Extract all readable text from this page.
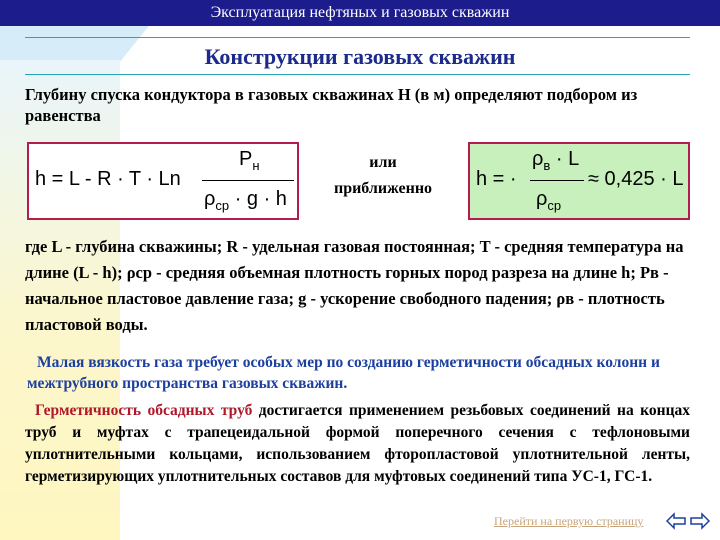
Эксплуатация нефтяных и газовых скважин
Конструкции газовых скважин
Глубину спуска кондуктора в газовых скважинах H (в м) определяют подбором из равенства
h = L - R · T · Ln
$P_н$
$\rho_{ср} \cdot g \cdot h$
или
приближенно	h = ·
$\rho_в \cdot L$
$\rho_{ср}$
≈ 0,425 · L
где L - глубина скважины; R - удельная газовая постоянная; T - средняя температура на длине (L - h); ρср - средняя объемная плотность горных пород разреза на длине h; Pв - начальное пластовое давление газа; g - ускорение свободного падения; ρв - плотность пластовой воды.
Малая вязкость газа требует особых мер по созданию герметичности обсадных колонн и межтрубного пространства газовых скважин.
Герметичность обсадных труб достигается применением резьбовых соединений на концах труб и муфтах с трапецеидальной формой поперечного сечения с тефлоновыми уплотнительными кольцами, использованием фторопластовой уплотнительной ленты, герметизирующих уплотнительных составов для муфтовых соединений типа УС-1, ГС-1.
Перейти на первую страницу
